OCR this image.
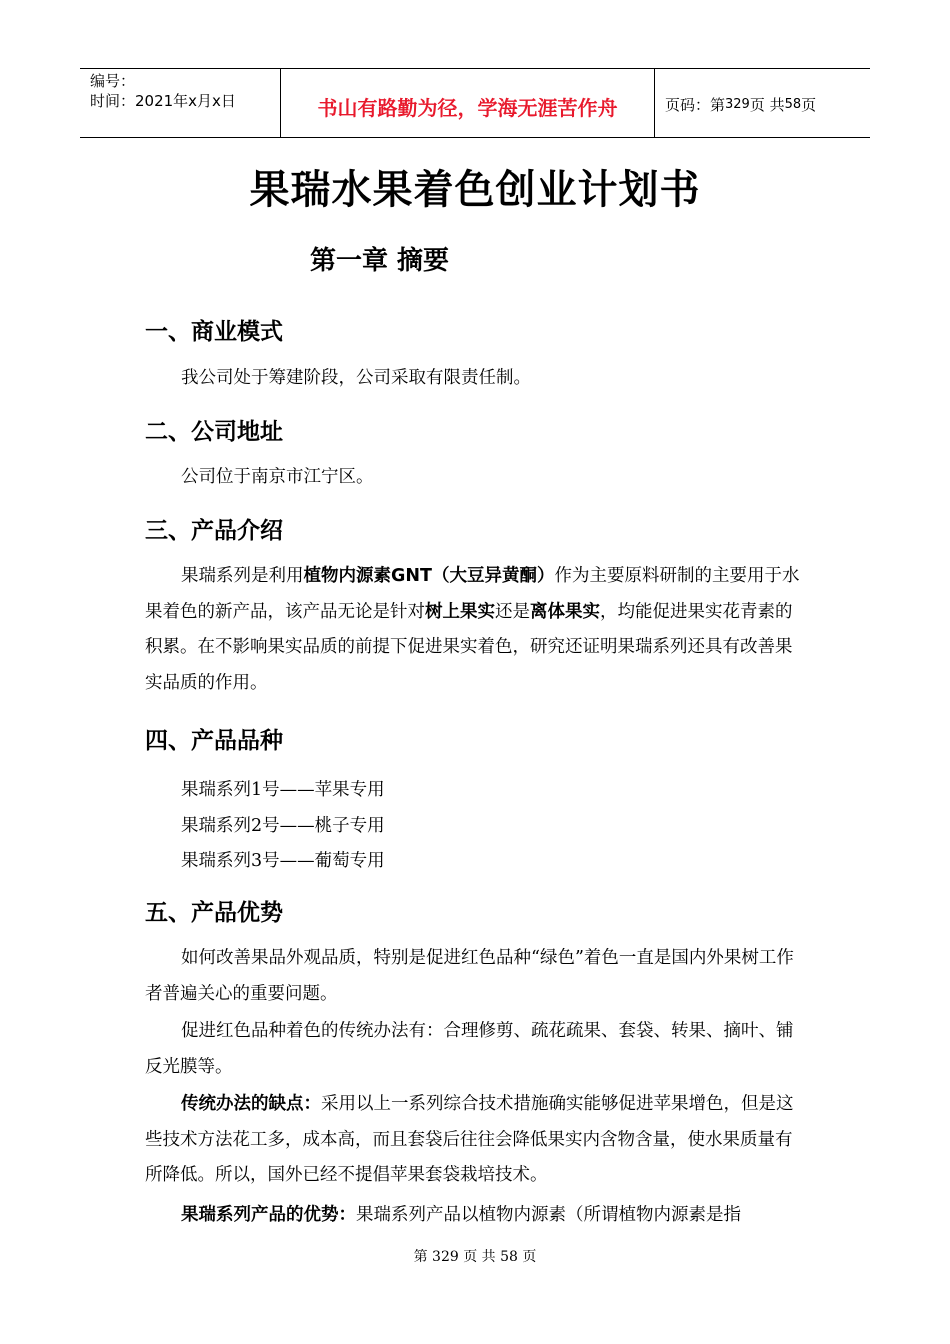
编号：
时间：2021年x月x日	书山有路勤为径，学海无涯苦作舟	页码：第 329 页 共 58 页
果瑞水果着色创业计划书
第一章 摘要
一、商业模式

我公司处于筹建阶段，公司采取有限责任制。

二、公司地址

公司位于南京市江宁区。

三、产品介绍

果瑞系列是利用植物内源素GNT（大豆异黄酮）作为主要原料研制的主要用于水果着色的新产品，该产品无论是针对树上果实还是离体果实，均能促进果实花青素的积累。在不影响果实品质的前提下促进果实着色，研究还证明果瑞系列还具有改善果实品质的作用。

四、产品品种
果瑞系列1号——苹果专用
果瑞系列2号——桃子专用
果瑞系列3号——葡萄专用
五、产品优势

如何改善果品外观品质，特别是促进红色品种“绿色”着色一直是国内外果树工作者普遍关心的重要问题。

促进红色品种着色的传统办法有：合理修剪、疏花疏果、套袋、转果、摘叶、铺反光膜等。

传统办法的缺点：采用以上一系列综合技术措施确实能够促进苹果增色，但是这些技术方法花工多，成本高，而且套袋后往往会降低果实内含物含量，使水果质量有所降低。所以，国外已经不提倡苹果套袋栽培技术。

果瑞系列产品的优势：果瑞系列产品以植物内源素（所谓植物内源素是指

第 329 页 共 58 页
